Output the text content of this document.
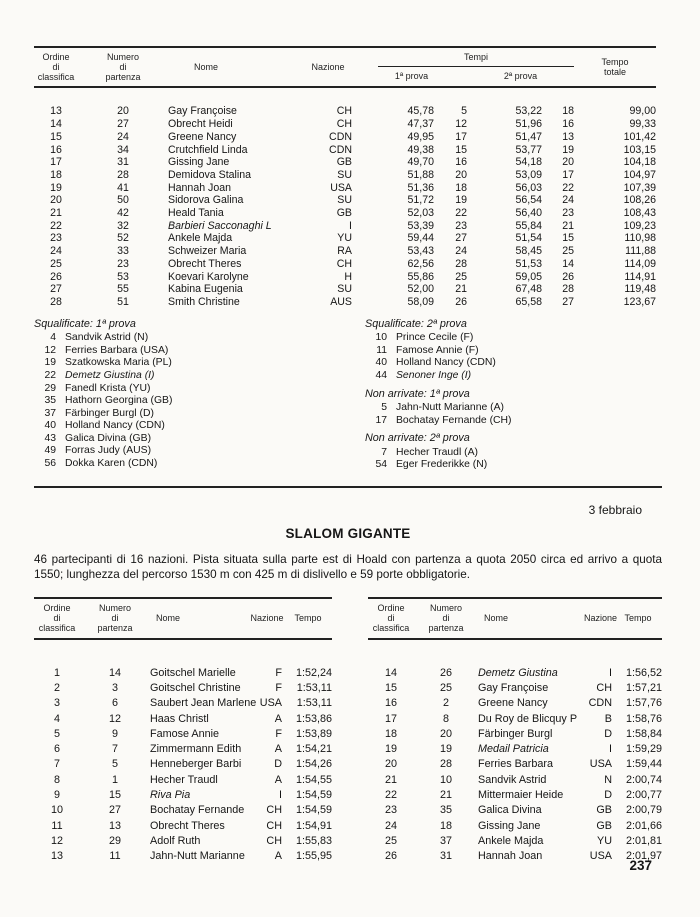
Ordine
di
classifica	Numero
di
partenza	Nome	Nazione	Tempi				Tempo
totale
				1ª prova		2ª prova		
13	20	Gay Françoise	CH	45,78	5	53,22	18	99,00
14	27	Obrecht Heidi	CH	47,37	12	51,96	16	99,33
15	24	Greene Nancy	CDN	49,95	17	51,47	13	101,42
16	34	Crutchfield Linda	CDN	49,38	15	53,77	19	103,15
17	31	Gissing Jane	GB	49,70	16	54,18	20	104,18
18	28	Demidova Stalina	SU	51,88	20	53,09	17	104,97
19	41	Hannah Joan	USA	51,36	18	56,03	22	107,39
20	50	Sidorova Galina	SU	51,72	19	56,54	24	108,26
21	42	Heald Tania	GB	52,03	22	56,40	23	108,43
22	32	Barbieri Sacconaghi L	I	53,39	23	55,84	21	109,23
23	52	Ankele Majda	YU	59,44	27	51,54	15	110,98
24	33	Schweizer Maria	RA	53,43	24	58,45	25	111,88
25	23	Obrecht Theres	CH	62,56	28	51,53	14	114,09
26	53	Koevari Karolyne	H	55,86	25	59,05	26	114,91
27	55	Kabina Eugenia	SU	52,00	21	67,48	28	119,48
28	51	Smith Christine	AUS	58,09	26	65,58	27	123,67
Squalificate: 1ª prova
4 Sandvik Astrid (N)
12 Ferries Barbara (USA)
19 Szatkowska Maria (PL)
22 Demetz Giustina (I)
29 Fanedl Krista (YU)
35 Hathorn Georgina (GB)
37 Färbinger Burgl (D)
40 Holland Nancy (CDN)
43 Galica Divina (GB)
49 Forras Judy (AUS)
56 Dokka Karen (CDN)
Squalificate: 2ª prova
10 Prince Cecile (F)
11 Famose Annie (F)
40 Holland Nancy (CDN)
44 Senoner Inge (I)
Non arrivate: 1ª prova
5 Jahn-Nutt Marianne (A)
17 Bochatay Fernande (CH)
Non arrivate: 2ª prova
7 Hecher Traudl (A)
54 Eger Frederikke (N)
3 febbraio
SLALOM GIGANTE

46 partecipanti di 16 nazioni. Pista situata sulla parte est di Hoald con partenza a quota 2050 circa ed arrivo a quota 1550; lunghezza del percorso 1530 m con 425 m di dislivello e 59 porte obbligatorie.

Ordine
di
classifica	Numero
di
partenza	Nome	Nazione	Tempo
1	14	Goitschel Marielle	F	1:52,24
2	3	Goitschel Christine	F	1:53,11
3	6	Saubert Jean Marlene	USA	1:53,11
4	12	Haas Christl	A	1:53,86
5	9	Famose Annie	F	1:53,89
6	7	Zimmermann Edith	A	1:54,21
7	5	Henneberger Barbi	D	1:54,26
8	1	Hecher Traudl	A	1:54,55
9	15	Riva Pia	I	1:54,59
10	27	Bochatay Fernande	CH	1:54,59
11	13	Obrecht Theres	CH	1:54,91
12	29	Adolf Ruth	CH	1:55,83
13	11	Jahn-Nutt Marianne	A	1:55,95
Ordine
di
classifica	Numero
di
partenza	Nome	Nazione	Tempo
14	26	Demetz Giustina	I	1:56,52
15	25	Gay Françoise	CH	1:57,21
16	2	Greene Nancy	CDN	1:57,76
17	8	Du Roy de Blicquy P	B	1:58,76
18	20	Färbinger Burgl	D	1:58,84
19	19	Medail Patricia	I	1:59,29
20	28	Ferries Barbara	USA	1:59,44
21	10	Sandvik Astrid	N	2:00,74
22	21	Mittermaier Heide	D	2:00,77
23	35	Galica Divina	GB	2:00,79
24	18	Gissing Jane	GB	2:01,66
25	37	Ankele Majda	YU	2:01,81
26	31	Hannah Joan	USA	2:01,97
237
